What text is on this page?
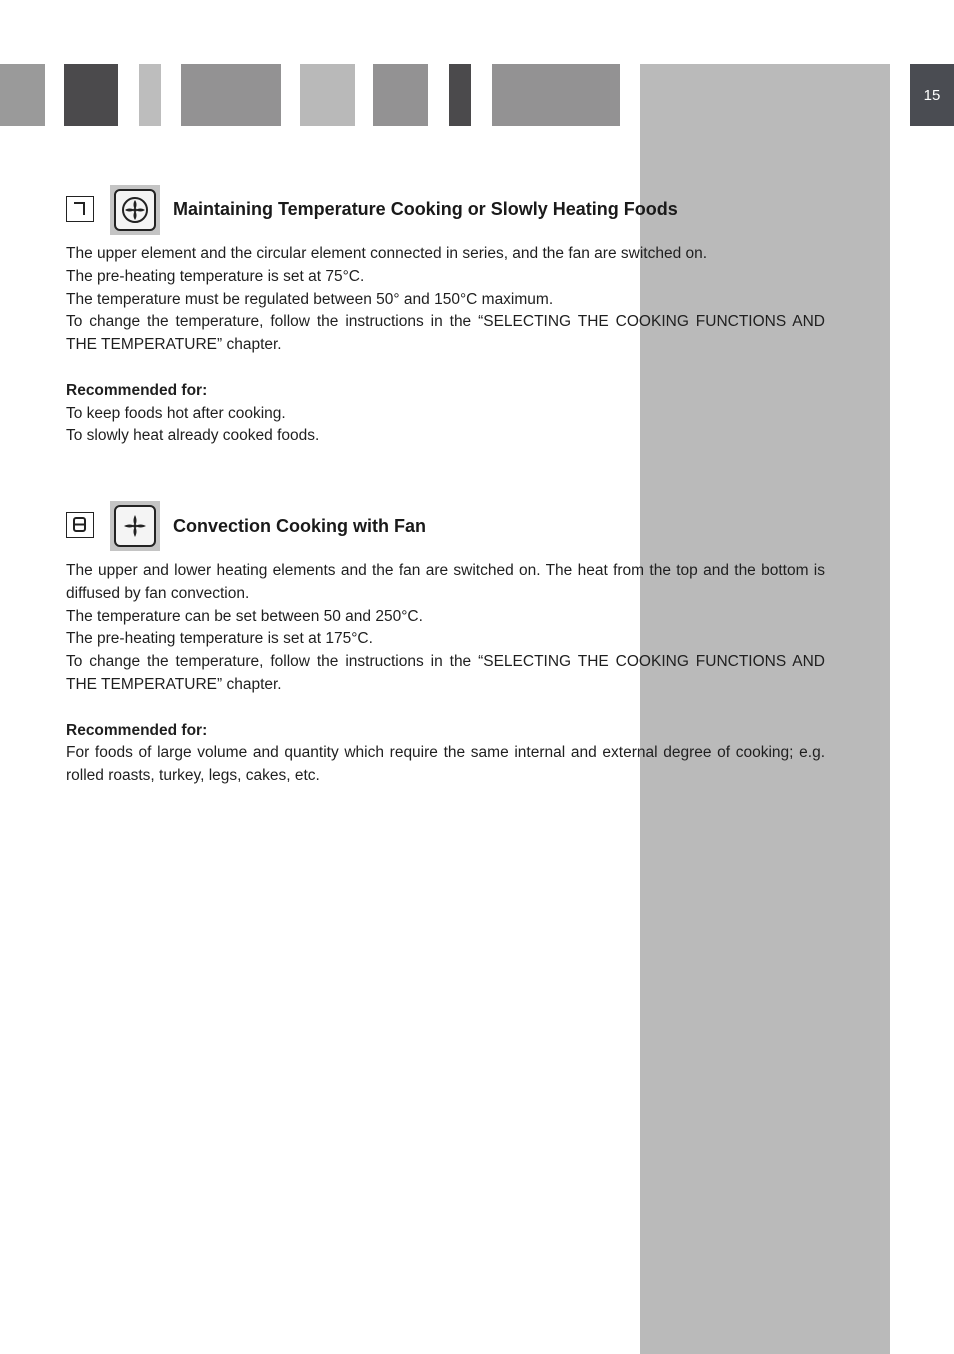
15
Maintaining Temperature Cooking or Slowly Heating Foods

The upper element and the circular element connected in series, and the fan are switched on.

The pre-heating temperature is set at 75°C.

The temperature must be regulated between 50° and 150°C maximum.

To change the temperature, follow the instructions in the “SELECTING THE COOKING FUNCTIONS AND THE TEMPERATURE” chapter.

Recommended for:

To keep foods hot after cooking.

To slowly heat already cooked foods.

Convection Cooking with Fan

The upper and lower heating elements and the fan are switched on. The heat from the top and the bottom is diffused by fan convection.

The temperature can be set between 50 and 250°C.

The pre-heating temperature is set at 175°C.

To change the temperature, follow the instructions in the “SELECTING THE COOKING FUNCTIONS AND THE TEMPERATURE” chapter.

Recommended for:

For foods of large volume and quantity which require the same internal and external degree of cooking; e.g. rolled roasts, turkey, legs, cakes, etc.
